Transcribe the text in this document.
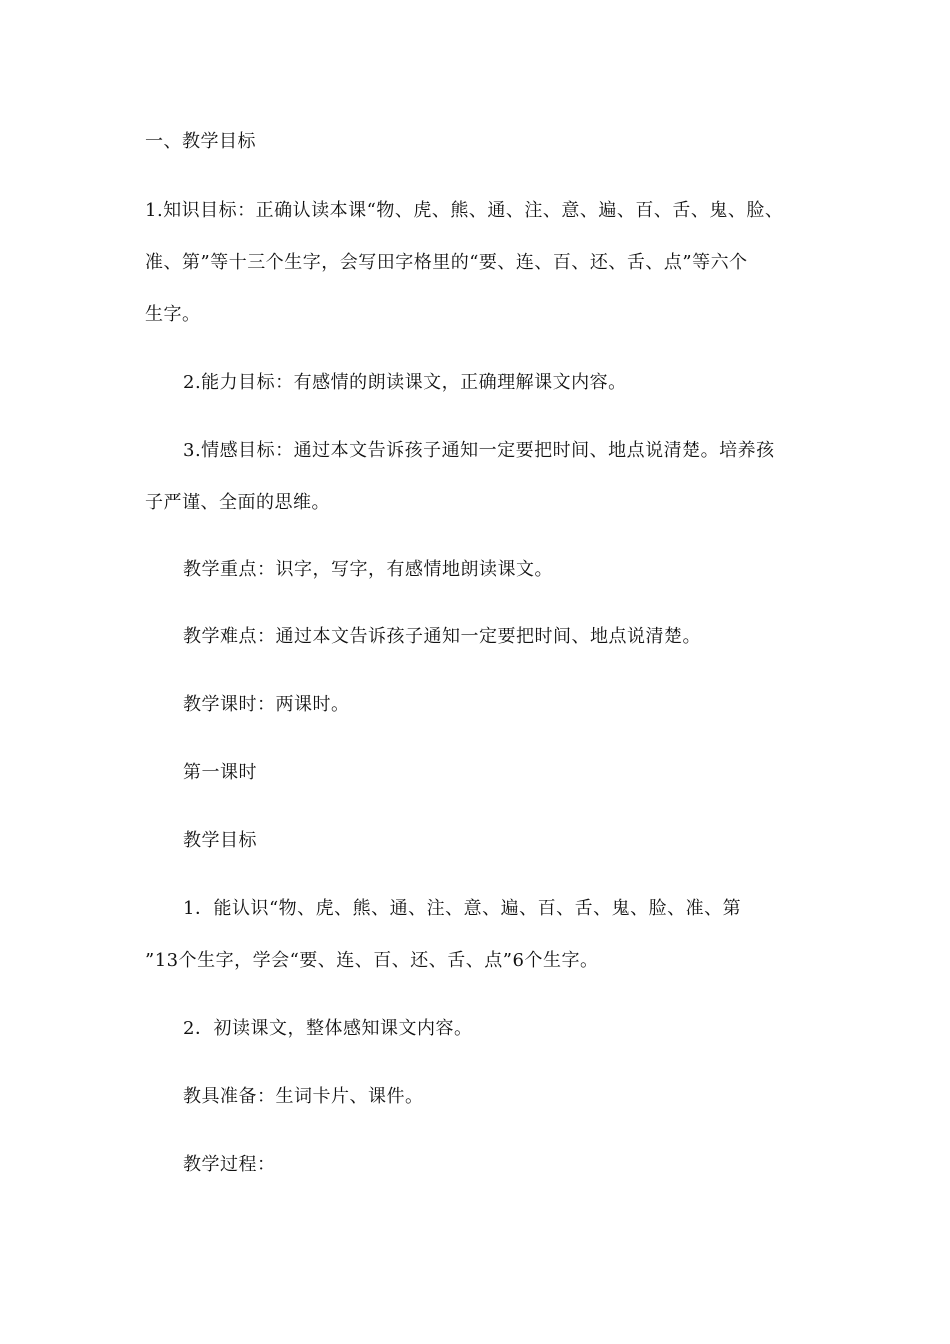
一、教学目标
1.知识目标：正确认读本课“物、虎、熊、通、注、意、遍、百、舌、鬼、脸、
准、第”等十三个生字，会写田字格里的“要、连、百、还、舌、点”等六个
生字。
2.能力目标：有感情的朗读课文，正确理解课文内容。
3.情感目标：通过本文告诉孩子通知一定要把时间、地点说清楚。培养孩
子严谨、全面的思维。
教学重点：识字，写字，有感情地朗读课文。
教学难点：通过本文告诉孩子通知一定要把时间、地点说清楚。
教学课时：两课时。
第一课时
教学目标
1．能认识“物、虎、熊、通、注、意、遍、百、舌、鬼、脸、准、第
”13个生字，学会“要、连、百、还、舌、点”6个生字。
2．初读课文，整体感知课文内容。
教具准备：生词卡片、课件。
教学过程：
